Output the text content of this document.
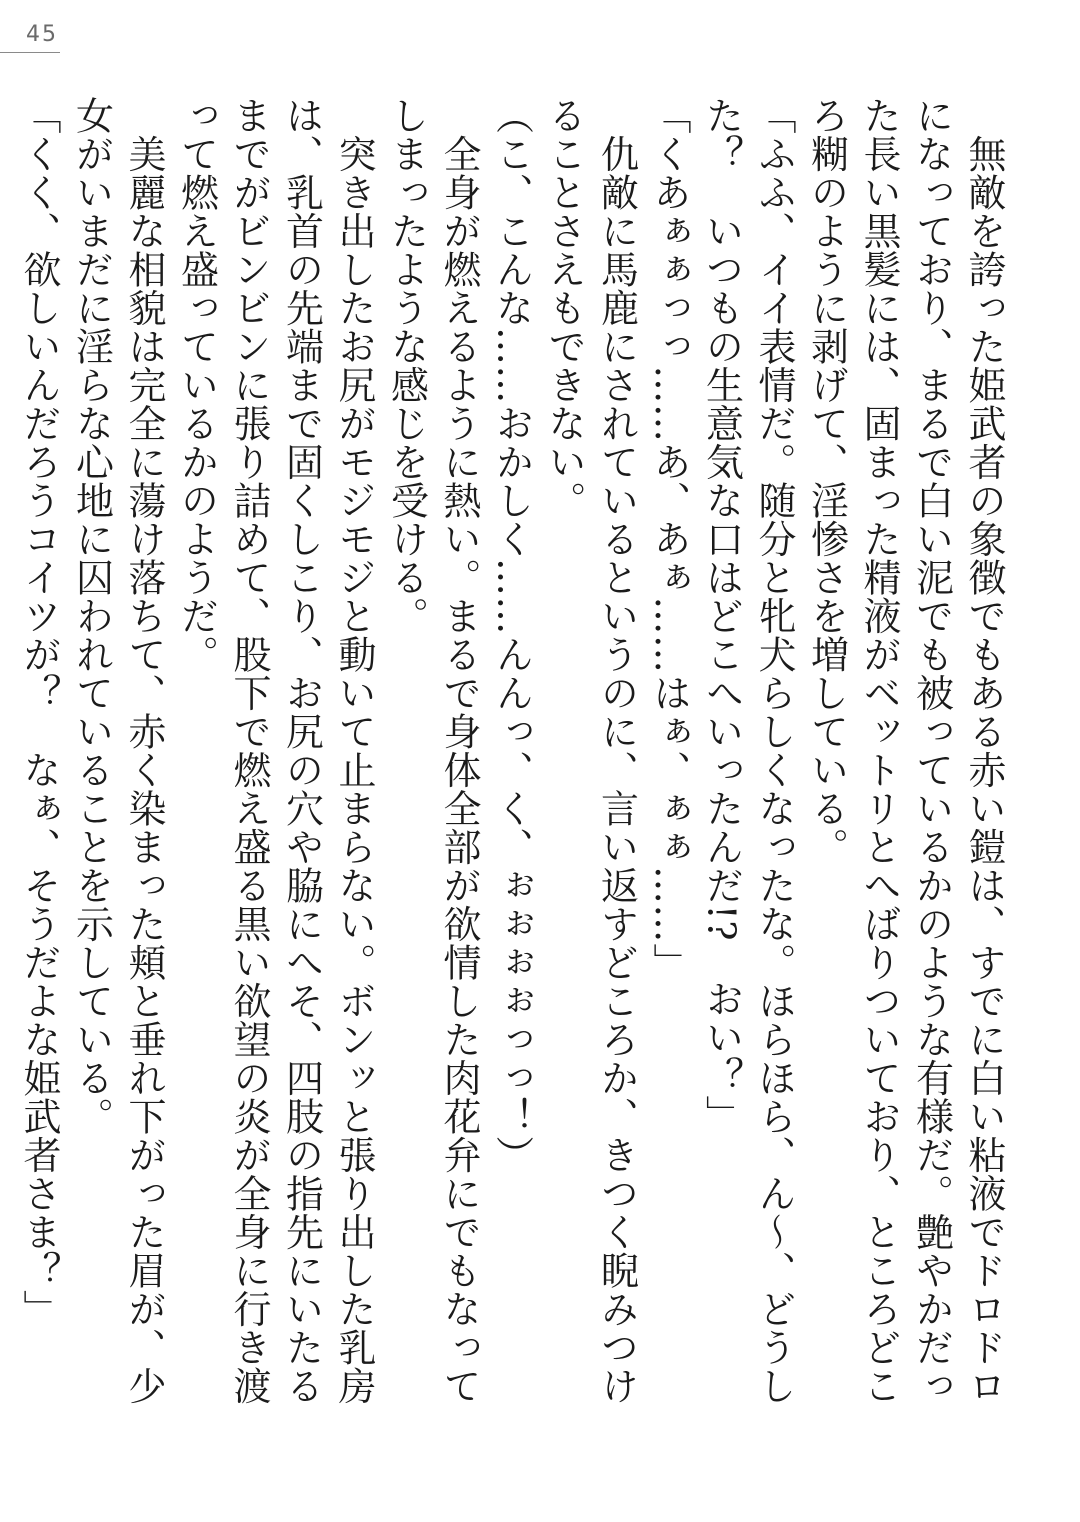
45

　無敵を誇った姫武者の象徴でもある赤い鎧は、すでに白い粘液でドロドロになっており、まるで白い泥でも被っているかのような有様だ。艶やかだった長い黒髪には、固まった精液がベットリとへばりついており、ところどころ糊のように剥げて、淫惨さを増している。

「ふふ、イイ表情だ。随分と牝犬らしくなったな。ほらほら、ん〜、どうした？　いつもの生意気な口はどこへいったんだ!?　おい？」

「くあぁぁっっ……あ、あぁ……はぁ、ぁぁ……」

　仇敵に馬鹿にされているというのに、言い返すどころか、きつく睨みつけることさえもできない。

（こ、こんな……おかしく……んんっ、く、ぉぉぉぉっっ！）

　全身が燃えるように熱い。まるで身体全部が欲情した肉花弁にでもなってしまったような感じを受ける。

　突き出したお尻がモジモジと動いて止まらない。ボンッと張り出した乳房は、乳首の先端まで固くしこり、お尻の穴や脇にへそ、四肢の指先にいたるまでがビンビンに張り詰めて、股下で燃え盛る黒い欲望の炎が全身に行き渡って燃え盛っているかのようだ。

　美麗な相貌は完全に蕩け落ちて、赤く染まった頬と垂れ下がった眉が、少女がいまだに淫らな心地に囚われていることを示している。

「くく、欲しいんだろうコイツが？　なぁ、そうだよな姫武者さま？」
